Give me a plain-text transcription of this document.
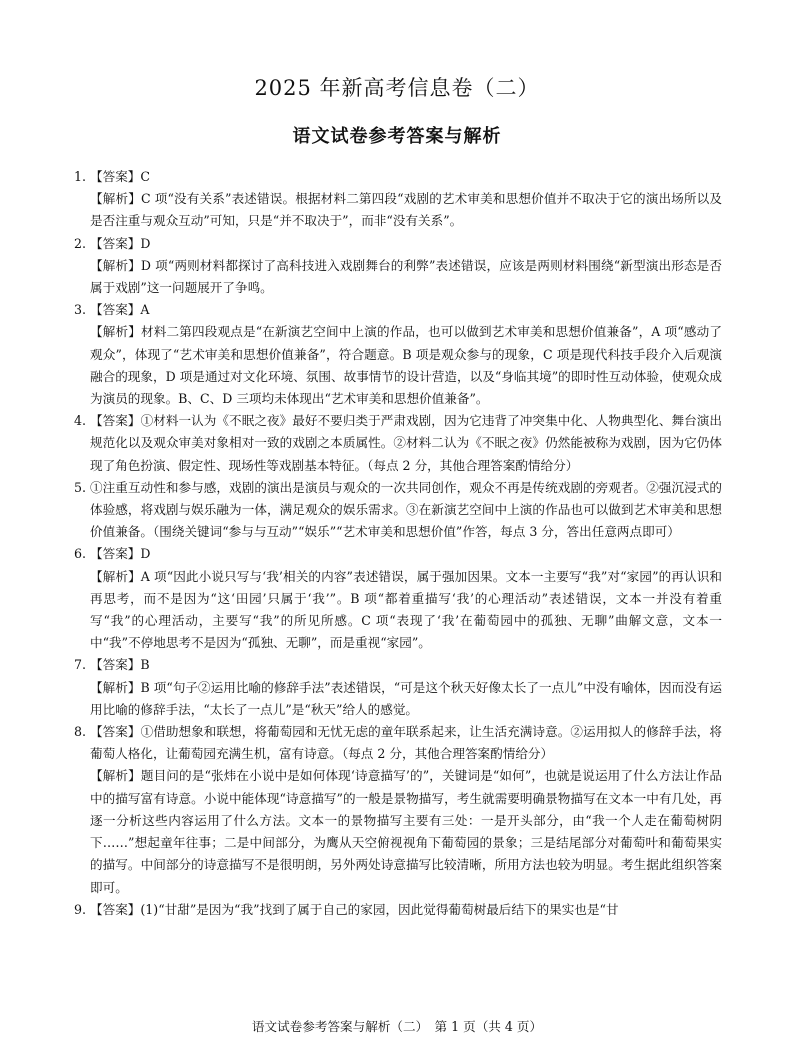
2025 年新高考信息卷（二）
语文试卷参考答案与解析
1. 【答案】C

【解析】C 项“没有关系”表述错误。根据材料二第四段“戏剧的艺术审美和思想价值并不取决于它的演出场所以及是否注重与观众互动”可知，只是“并不取决于”，而非“没有关系”。

2. 【答案】D

【解析】D 项“两则材料都探讨了高科技进入戏剧舞台的利弊”表述错误，应该是两则材料围绕“新型演出形态是否属于戏剧”这一问题展开了争鸣。

3. 【答案】A

【解析】材料二第四段观点是“在新演艺空间中上演的作品，也可以做到艺术审美和思想价值兼备”，A 项“感动了观众”，体现了“艺术审美和思想价值兼备”，符合题意。B 项是观众参与的现象，C 项是现代科技手段介入后观演融合的现象，D 项是通过对文化环境、氛围、故事情节的设计营造，以及“身临其境”的即时性互动体验，使观众成为演员的现象。B、C、D 三项均未体现出“艺术审美和思想价值兼备”。

4. 【答案】①材料一认为《不眠之夜》最好不要归类于严肃戏剧，因为它违背了冲突集中化、人物典型化、舞台演出规范化以及观众审美对象相对一致的戏剧之本质属性。②材料二认为《不眠之夜》仍然能被称为戏剧，因为它仍体现了角色扮演、假定性、现场性等戏剧基本特征。（每点 2 分，其他合理答案酌情给分）

5. ①注重互动性和参与感，戏剧的演出是演员与观众的一次共同创作，观众不再是传统戏剧的旁观者。②强沉浸式的体验感，将戏剧与娱乐融为一体，满足观众的娱乐需求。③在新演艺空间中上演的作品也可以做到艺术审美和思想价值兼备。（围绕关键词“参与与互动”“娱乐”“艺术审美和思想价值”作答，每点 3 分，答出任意两点即可）

6. 【答案】D

【解析】A 项“因此小说只写与‘我’相关的内容”表述错误，属于强加因果。文本一主要写“我”对“家园”的再认识和再思考，而不是因为“这‘田园’只属于‘我’”。B 项“都着重描写‘我’的心理活动”表述错误，文本一并没有着重写“我”的心理活动，主要写“我”的所见所感。C 项“表现了‘我’在葡萄园中的孤独、无聊”曲解文意，文本一中“我”不停地思考不是因为“孤独、无聊”，而是重视“家园”。

7. 【答案】B

【解析】B 项“句子②运用比喻的修辞手法”表述错误，“可是这个秋天好像太长了一点儿”中没有喻体，因而没有运用比喻的修辞手法，“太长了一点儿”是“秋天”给人的感觉。

8. 【答案】①借助想象和联想，将葡萄园和无忧无虑的童年联系起来，让生活充满诗意。②运用拟人的修辞手法，将葡萄人格化，让葡萄园充满生机，富有诗意。（每点 2 分，其他合理答案酌情给分）

【解析】题目问的是“张炜在小说中是如何体现‘诗意描写’的”，关键词是“如何”，也就是说运用了什么方法让作品中的描写富有诗意。小说中能体现“诗意描写”的一般是景物描写，考生就需要明确景物描写在文本一中有几处，再逐一分析这些内容运用了什么方法。文本一的景物描写主要有三处：一是开头部分，由“我一个人走在葡萄树阴下……”想起童年往事；二是中间部分，为鹰从天空俯视视角下葡萄园的景象；三是结尾部分对葡萄叶和葡萄果实的描写。中间部分的诗意描写不是很明朗，另外两处诗意描写比较清晰，所用方法也较为明显。考生据此组织答案即可。

9. 【答案】(1)“甘甜”是因为“我”找到了属于自己的家园，因此觉得葡萄树最后结下的果实也是“甘

语文试卷参考答案与解析（二）　第 1 页（共 4 页）
